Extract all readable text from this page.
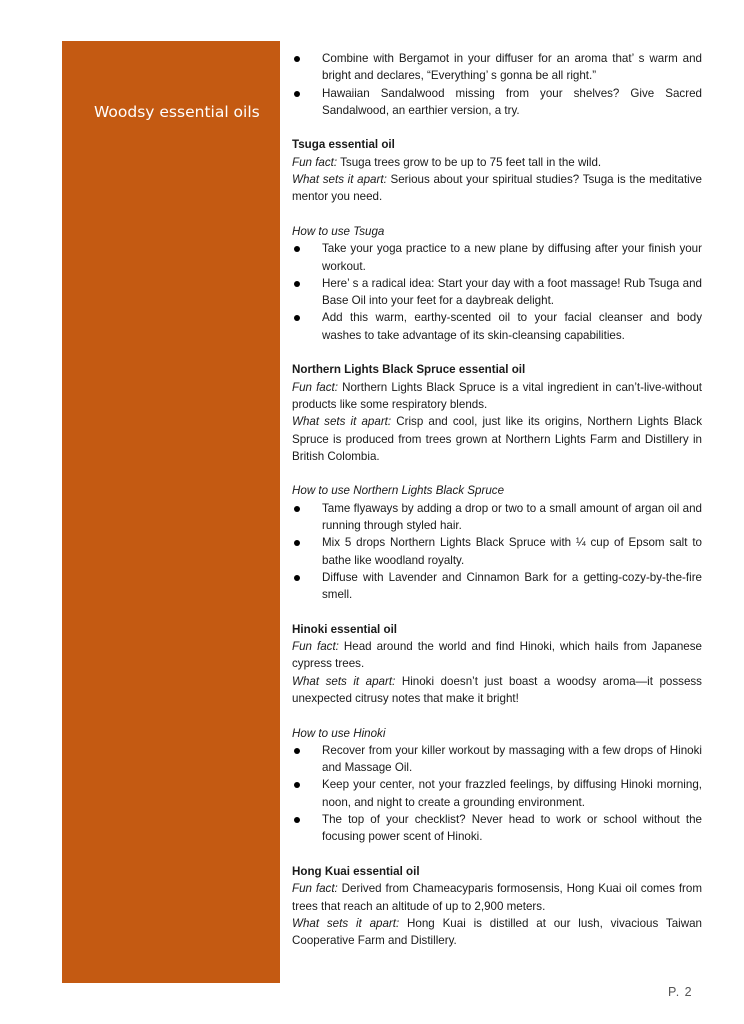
Woodsy essential oils
Combine with Bergamot in your diffuser for an aroma that’ s warm and bright and declares, “Everything’ s gonna be all right.”
Hawaiian Sandalwood missing from your shelves? Give Sacred Sandalwood, an earthier version, a try.

Tsuga essential oil

Fun fact: Tsuga trees grow to be up to 75 feet tall in the wild.

What sets it apart: Serious about your spiritual studies? Tsuga is the meditative mentor you need.

How to use Tsuga

Take your yoga practice to a new plane by diffusing after your finish your workout.
Here’ s a radical idea: Start your day with a foot massage! Rub Tsuga and Base Oil into your feet for a daybreak delight.
Add this warm, earthy-scented oil to your facial cleanser and body washes to take advantage of its skin-cleansing capabilities.

Northern Lights Black Spruce essential oil

Fun fact: Northern Lights Black Spruce is a vital ingredient in can’t-live-without products like some respiratory blends.

What sets it apart: Crisp and cool, just like its origins, Northern Lights Black Spruce is produced from trees grown at Northern Lights Farm and Distillery in British Colombia.

How to use Northern Lights Black Spruce

Tame flyaways by adding a drop or two to a small amount of argan oil and running through styled hair.
Mix 5 drops Northern Lights Black Spruce with ¼ cup of Epsom salt to bathe like woodland royalty.
Diffuse with Lavender and Cinnamon Bark for a getting-cozy-by-the-fire smell.

Hinoki essential oil

Fun fact: Head around the world and find Hinoki, which hails from Japanese cypress trees.

What sets it apart: Hinoki doesn’t just boast a woodsy aroma—it possess unexpected citrusy notes that make it bright!

How to use Hinoki

Recover from your killer workout by massaging with a few drops of Hinoki and Massage Oil.
Keep your center, not your frazzled feelings, by diffusing Hinoki morning, noon, and night to create a grounding environment.
The top of your checklist? Never head to work or school without the focusing power scent of Hinoki.

Hong Kuai essential oil

Fun fact: Derived from Chameacyparis formosensis, Hong Kuai oil comes from trees that reach an altitude of up to 2,900 meters.

What sets it apart: Hong Kuai is distilled at our lush, vivacious Taiwan Cooperative Farm and Distillery.

P. 2
